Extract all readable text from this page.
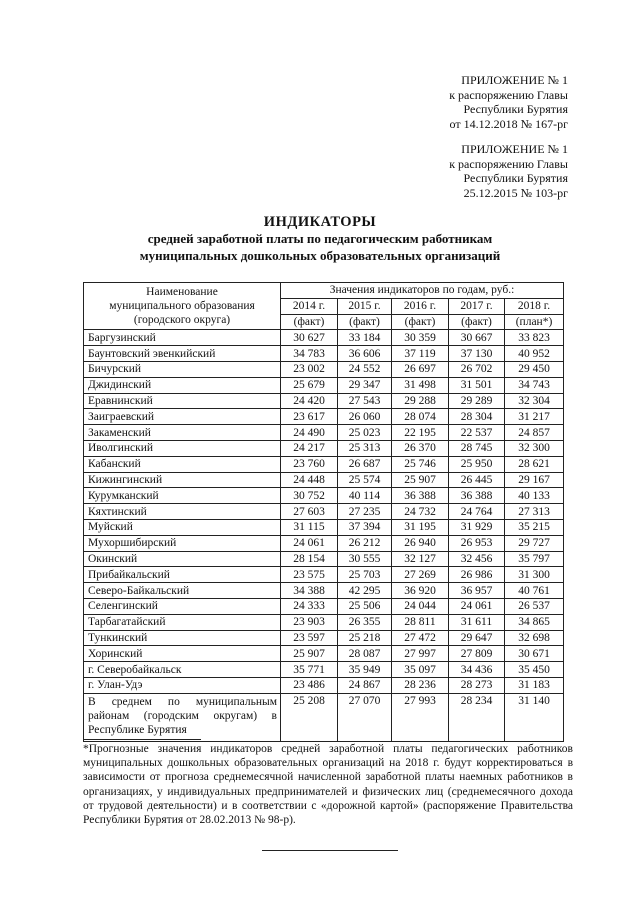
ПРИЛОЖЕНИЕ № 1
к распоряжению Главы
Республики Бурятия
от 14.12.2018 № 167-рг
ПРИЛОЖЕНИЕ № 1
к распоряжению Главы
Республики Бурятия
25.12.2015 № 103-рг
ИНДИКАТОРЫ
средней заработной платы по педагогическим работникам
муниципальных дошкольных образовательных организаций
Наименование
муниципального образования
(городского округа)	Значения индикаторов по годам, руб.:				
	2014 г.	2015 г.	2016 г.	2017 г.	2018 г.
	(факт)	(факт)	(факт)	(факт)	(план*)
Баргузинский	30 627	33 184	30 359	30 667	33 823
Баунтовский эвенкийский	34 783	36 606	37 119	37 130	40 952
Бичурский	23 002	24 552	26 697	26 702	29 450
Джидинский	25 679	29 347	31 498	31 501	34 743
Еравнинский	24 420	27 543	29 288	29 289	32 304
Заиграевский	23 617	26 060	28 074	28 304	31 217
Закаменский	24 490	25 023	22 195	22 537	24 857
Иволгинский	24 217	25 313	26 370	28 745	32 300
Кабанский	23 760	26 687	25 746	25 950	28 621
Кижингинский	24 448	25 574	25 907	26 445	29 167
Курумканский	30 752	40 114	36 388	36 388	40 133
Кяхтинский	27 603	27 235	24 732	24 764	27 313
Муйский	31 115	37 394	31 195	31 929	35 215
Мухоршибирский	24 061	26 212	26 940	26 953	29 727
Окинский	28 154	30 555	32 127	32 456	35 797
Прибайкальский	23 575	25 703	27 269	26 986	31 300
Северо-Байкальский	34 388	42 295	36 920	36 957	40 761
Селенгинский	24 333	25 506	24 044	24 061	26 537
Тарбагатайский	23 903	26 355	28 811	31 611	34 865
Тункинский	23 597	25 218	27 472	29 647	32 698
Хоринский	25 907	28 087	27 997	27 809	30 671
г. Северобайкальск	35 771	35 949	35 097	34 436	35 450
г. Улан-Удэ	23 486	24 867	28 236	28 273	31 183
В среднем по муниципальным районам (городским округам) в Республике Бурятия	25 208	27 070	27 993	28 234	31 140
*Прогнозные значения индикаторов средней заработной платы педагогических работников муниципальных дошкольных образовательных организаций на 2018 г. будут корректироваться в зависимости от прогноза среднемесячной начисленной заработной платы наемных работников в организациях, у индивидуальных предпринимателей и физических лиц (среднемесячного дохода от трудовой деятельности) и в соответствии с «дорожной картой» (распоряжение Правительства Республики Бурятия от 28.02.2013 № 98-р).
